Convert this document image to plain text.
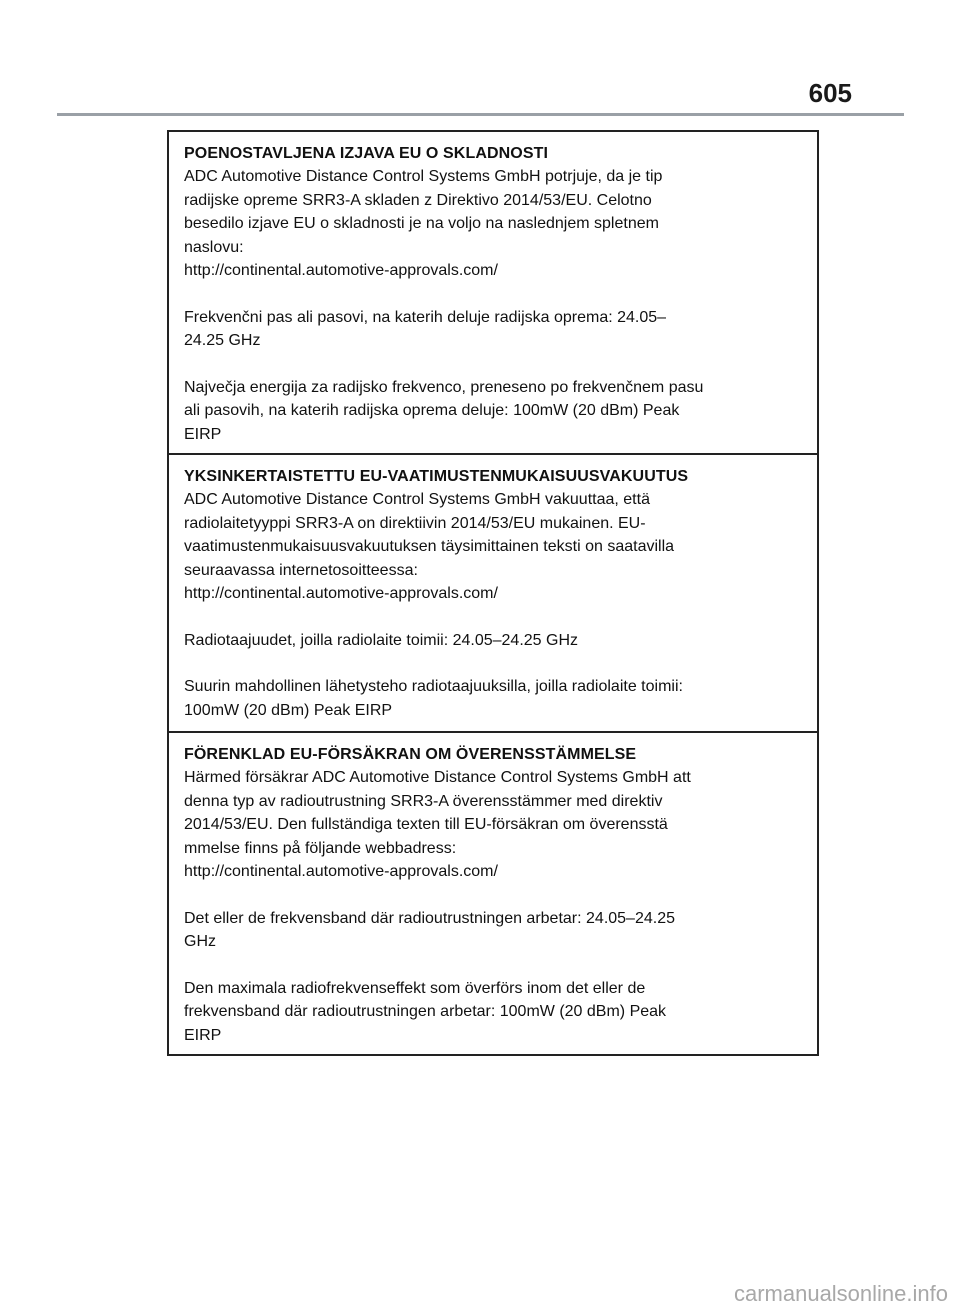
605

POENOSTAVLJENA IZJAVA EU O SKLADNOSTI

ADC Automotive Distance Control Systems GmbH potrjuje, da je tip

radijske opreme SRR3-A skladen z Direktivo 2014/53/EU. Celotno

besedilo izjave EU o skladnosti je na voljo na naslednjem spletnem

naslovu:

http://continental.automotive-approvals.com/

Frekvenčni pas ali pasovi, na katerih deluje radijska oprema: 24.05–

24.25 GHz

Največja energija za radijsko frekvenco, preneseno po frekvenčnem pasu

ali pasovih, na katerih radijska oprema deluje: 100mW (20 dBm) Peak

EIRP

YKSINKERTAISTETTU EU-VAATIMUSTENMUKAISUUSVAKUUTUS

ADC Automotive Distance Control Systems GmbH vakuuttaa, että

radiolaitetyyppi SRR3-A on direktiivin 2014/53/EU mukainen. EU-

vaatimustenmukaisuusvakuutuksen täysimittainen teksti on saatavilla

seuraavassa internetosoitteessa:

http://continental.automotive-approvals.com/

Radiotaajuudet, joilla radiolaite toimii: 24.05–24.25 GHz

Suurin mahdollinen lähetysteho radiotaajuuksilla, joilla radiolaite toimii:

100mW (20 dBm) Peak EIRP

FÖRENKLAD EU-FÖRSÄKRAN OM ÖVERENSSTÄMMELSE

Härmed försäkrar ADC Automotive Distance Control Systems GmbH att

denna typ av radioutrustning SRR3-A överensstämmer med direktiv

2014/53/EU. Den fullständiga texten till EU-försäkran om överensstä

mmelse finns på följande webbadress:

http://continental.automotive-approvals.com/

Det eller de frekvensband där radioutrustningen arbetar: 24.05–24.25

GHz

Den maximala radiofrekvenseffekt som överförs inom det eller de

frekvensband där radioutrustningen arbetar: 100mW (20 dBm) Peak

EIRP

carmanualsonline.info
